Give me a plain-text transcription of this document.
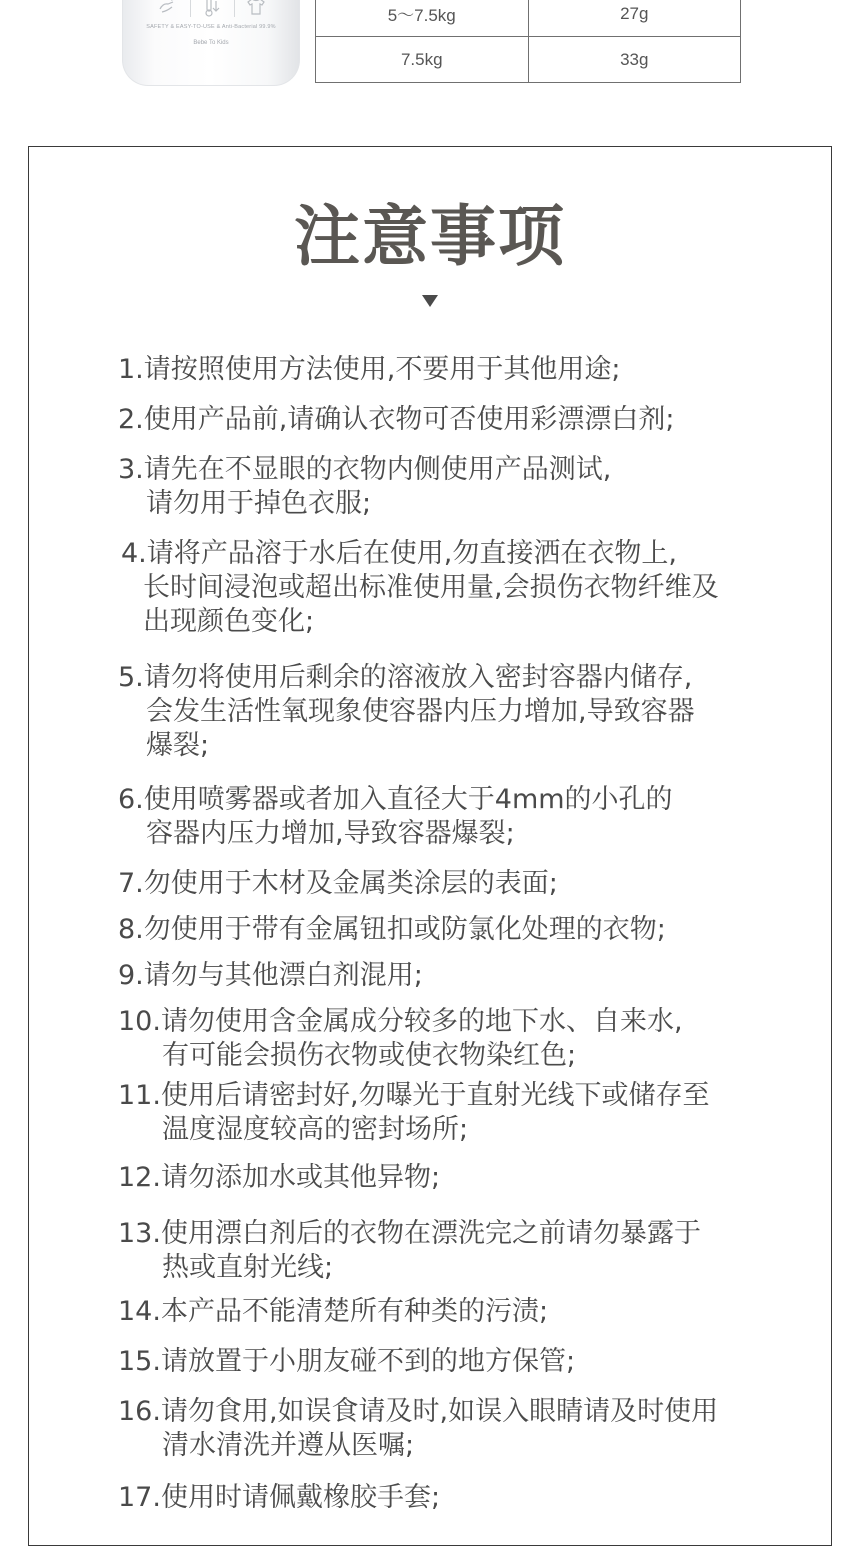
SAFETY & EASY-TO-USE & Anti-Bacterial 99.9%
Bebe To Kids
5～7.5kg	27g
7.5kg	33g
注意事项
1.请按照使用方法使用,不要用于其他用途;
2.使用产品前,请确认衣物可否使用彩漂漂白剂;
3.请先在不显眼的衣物内侧使用产品测试,
请勿用于掉色衣服;
4.请将产品溶于水后在使用,勿直接洒在衣物上,
长时间浸泡或超出标准使用量,会损伤衣物纤维及
出现颜色变化;
5.请勿将使用后剩余的溶液放入密封容器内储存,
会发生活性氧现象使容器内压力增加,导致容器
爆裂;
6.使用喷雾器或者加入直径大于4mm的小孔的
容器内压力增加,导致容器爆裂;
7.勿使用于木材及金属类涂层的表面;
8.勿使用于带有金属钮扣或防氯化处理的衣物;
9.请勿与其他漂白剂混用;
10.请勿使用含金属成分较多的地下水、自来水,
有可能会损伤衣物或使衣物染红色;
11.使用后请密封好,勿曝光于直射光线下或储存至
温度湿度较高的密封场所;
12.请勿添加水或其他异物;
13.使用漂白剂后的衣物在漂洗完之前请勿暴露于
热或直射光线;
14.本产品不能清楚所有种类的污渍;
15.请放置于小朋友碰不到的地方保管;
16.请勿食用,如误食请及时,如误入眼睛请及时使用
清水清洗并遵从医嘱;
17.使用时请佩戴橡胶手套;
